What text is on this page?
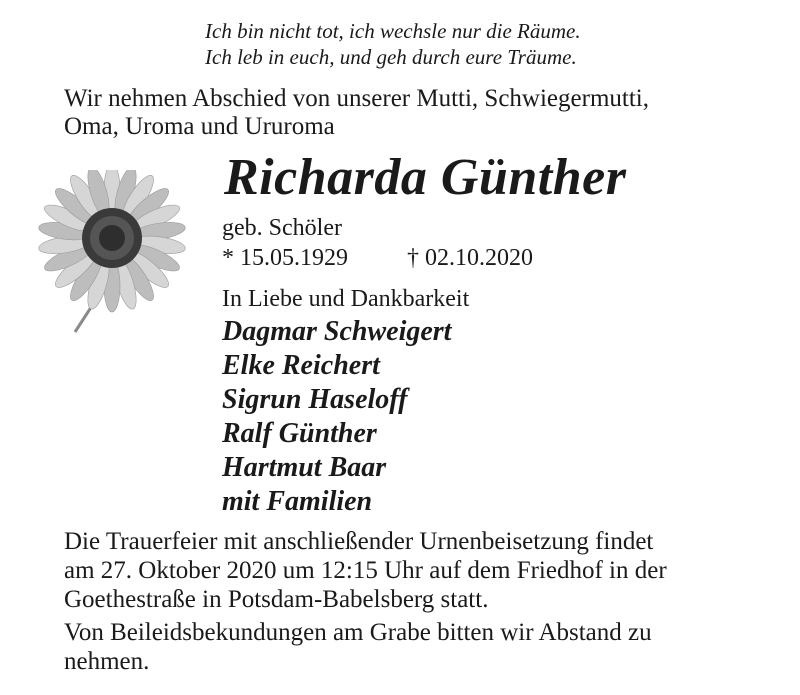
Ich bin nicht tot, ich wechsle nur die Räume.
Ich leb in euch, und geh durch eure Träume.
Wir nehmen Abschied von unserer Mutti, Schwiegermutti,
Oma, Uroma und Ururoma
Richarda Günther
geb. Schöler
* 15.05.1929 † 02.10.2020
In Liebe und Dankbarkeit
Dagmar Schweigert
Elke Reichert
Sigrun Haseloff
Ralf Günther
Hartmut Baar
mit Familien
Die Trauerfeier mit anschließender Urnenbeisetzung findet
am 27. Oktober 2020 um 12:15 Uhr auf dem Friedhof in der
Goethestraße in Potsdam-Babelsberg statt.
Von Beileidsbekundungen am Grabe bitten wir Abstand zu
nehmen.
